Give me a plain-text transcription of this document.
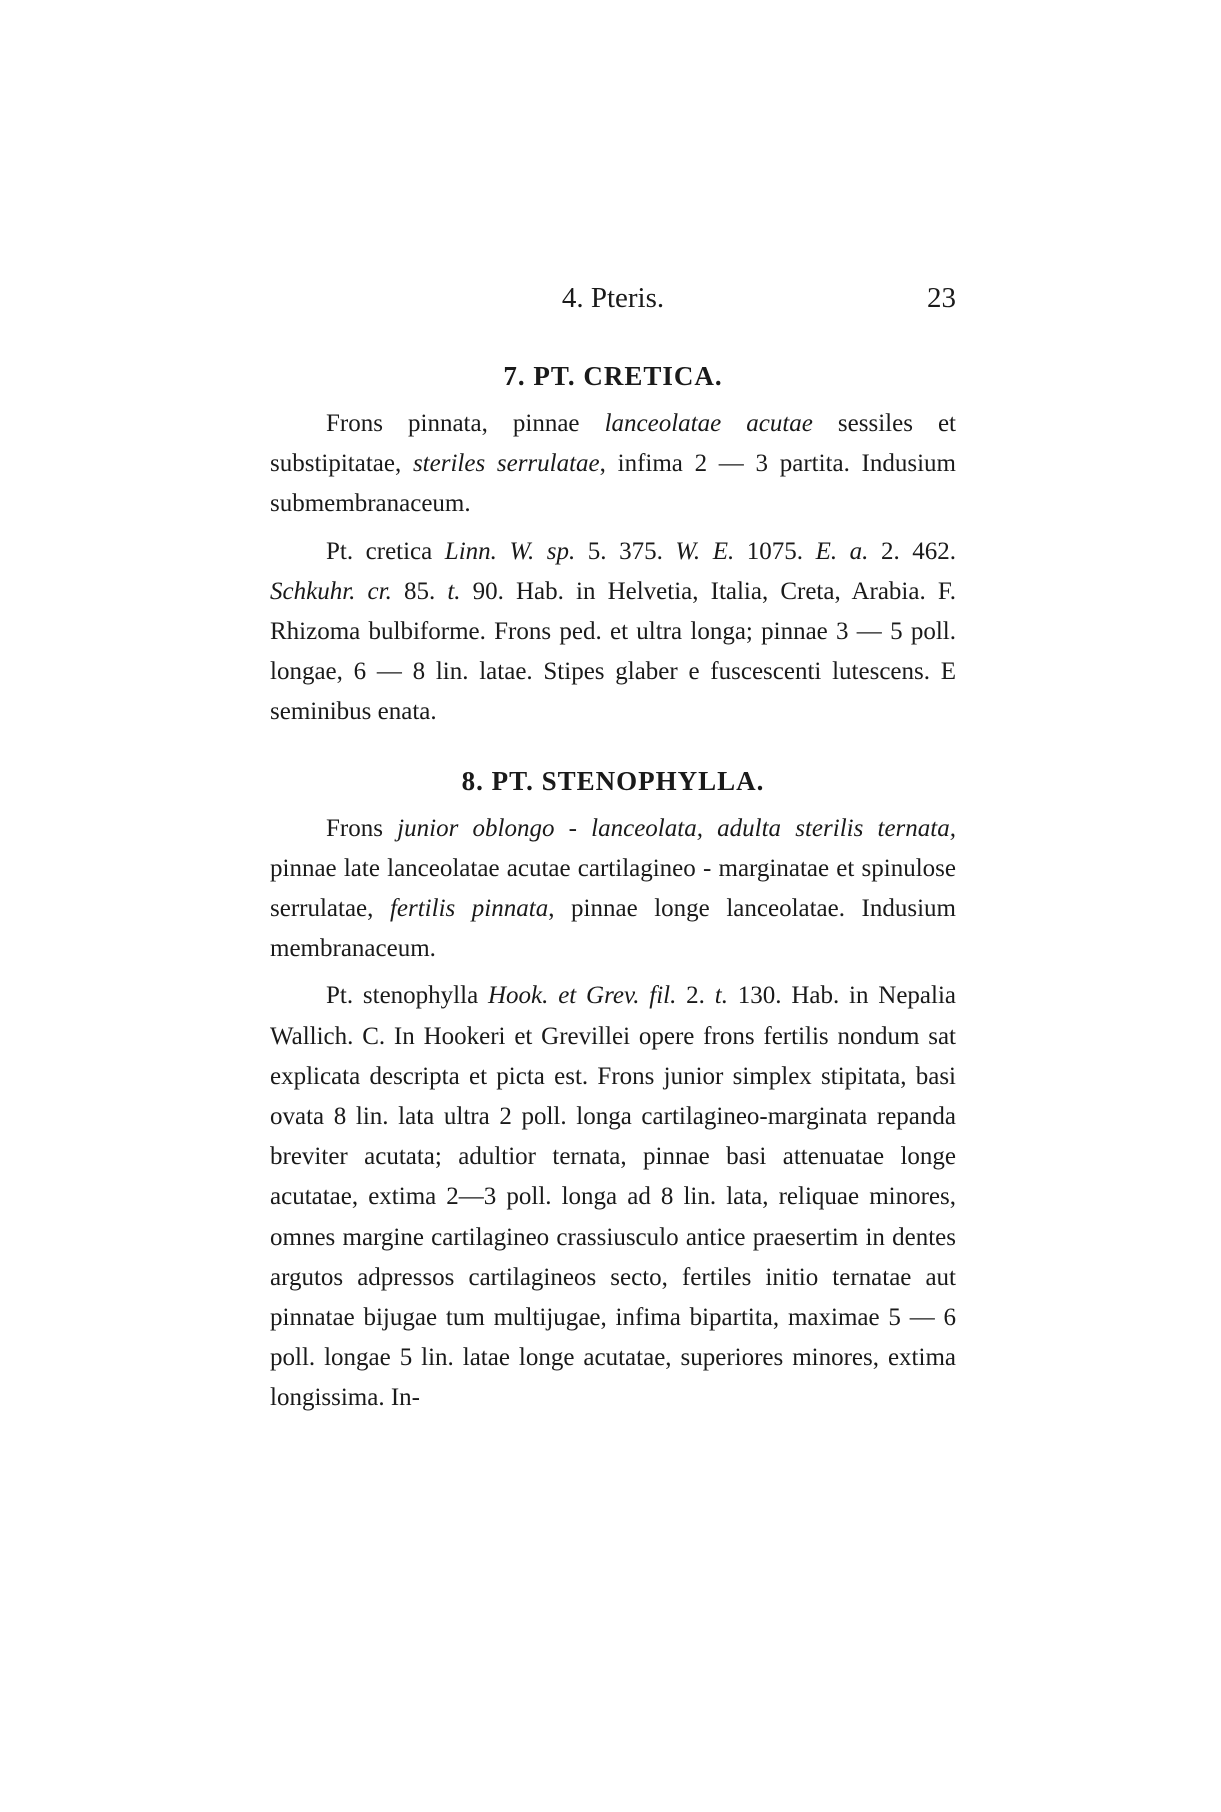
4. Pteris.	23
7. PT. CRETICA.

Frons pinnata, pinnae lanceolatae acutae sessiles et substipitatae, steriles serrulatae, infima 2 — 3 partita. Indusium submembranaceum.

Pt. cretica Linn. W. sp. 5. 375. W. E. 1075. E. a. 2. 462. Schkuhr. cr. 85. t. 90. Hab. in Helvetia, Italia, Creta, Arabia. F. Rhizoma bulbiforme. Frons ped. et ultra longa; pinnae 3 — 5 poll. longae, 6 — 8 lin. latae. Stipes glaber e fuscescenti lutescens. E seminibus enata.

8. PT. STENOPHYLLA.

Frons junior oblongo - lanceolata, adulta sterilis ternata, pinnae late lanceolatae acutae cartilagineo - marginatae et spinulose serrulatae, fertilis pinnata, pinnae longe lanceolatae. Indusium membranaceum.

Pt. stenophylla Hook. et Grev. fil. 2. t. 130. Hab. in Nepalia Wallich. C. In Hookeri et Grevillei opere frons fertilis nondum sat explicata descripta et picta est. Frons junior simplex stipitata, basi ovata 8 lin. lata ultra 2 poll. longa cartilagineo-marginata repanda breviter acutata; adultior ternata, pinnae basi attenuatae longe acutatae, extima 2—3 poll. longa ad 8 lin. lata, reliquae minores, omnes margine cartilagineo crassiusculo antice praesertim in dentes argutos adpressos cartilagineos secto, fertiles initio ternatae aut pinnatae bijugae tum multijugae, infima bipartita, maximae 5 — 6 poll. longae 5 lin. latae longe acutatae, superiores minores, extima longissima. In-
